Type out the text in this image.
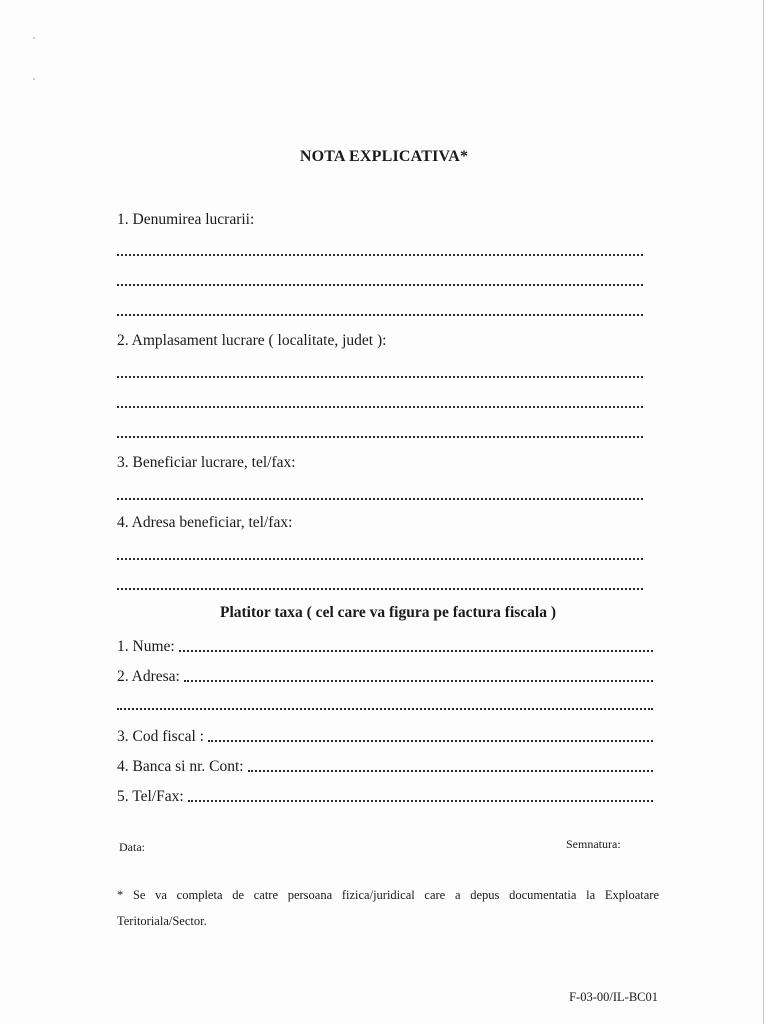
NOTA EXPLICATIVA*
1. Denumirea lucrarii:
2. Amplasament lucrare ( localitate, judet ):
3. Beneficiar lucrare, tel/fax:
4. Adresa beneficiar, tel/fax:
Platitor taxa ( cel care va figura pe factura fiscala )
1. Nume:
2. Adresa:
3. Cod fiscal :
4. Banca si nr. Cont:
5. Tel/Fax:
Data:	Semnatura:
* Se va completa de catre persoana fizica/juridical care a depus documentatia la Exploatare Teritoriala/Sector.
F-03-00/IL-BC01
